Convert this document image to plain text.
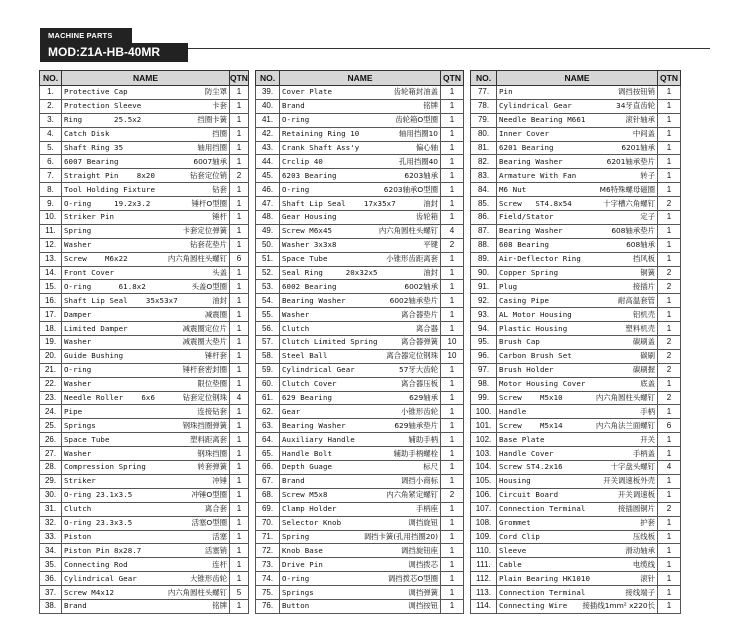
MACHINE PARTS
MOD:Z1A-HB-40MR
NO.	NAME	QTN
1.	Protective Cap 防尘罩	1
2.	Protection Sleeve 卡套	1
3.	Ring       25.5x2 挡圈卡簧	1
4.	Catch Disk 挡圈	1
5.	Shaft Ring 35 轴用挡圈	1
6.	6007 Bearing 6007轴承	1
7.	Straight Pin    8x20 钻套定位销	2
8.	Tool Holding Fixture 钻套	1
9.	O-ring     19.2x3.2 锤杆O型圈	1
10.	Striker Pin 锤杆	1
11.	Spring 卡套定位弹簧	1
12.	Washer 钻套花垫片	1
13.	Screw    M6x22 内六角圆柱头螺钉	6
14.	Front Cover 头盖	1
15.	O-ring      61.8x2 头盖O型圈	1
16.	Shaft Lip Seal    35x53x7 油封	1
17.	Damper 减震圈	1
18.	Limited Damper 减震圈定位片	1
19.	Washer 减震圈大垫片	1
20.	Guide Bushing 锤杆套	1
21.	O-ring 锤杆套密封圈	1
22.	Washer 限位垫圈	1
23.	Needle Roller    6x6 钻套定位钢珠	4
24.	Pipe 连接钻套	1
25.	Springs 钢珠挡圈弹簧	1
26.	Space Tube 塑料距离套	1
27.	Washer 钢珠挡圈	1
28.	Compression Spring 转套弹簧	1
29.	Striker 冲锤	1
30.	O-ring 23.1x3.5 冲锤O型圈	1
31.	Clutch 离合套	1
32.	O-ring 23.3x3.5 活塞O型圈	1
33.	Piston 活塞	1
34.	Piston Pin 8x28.7 活塞销	1
35.	Connecting Rod 连杆	1
36.	Cylindrical Gear 大锥形齿轮	1
37.	Screw M4x12 内六角圆柱头螺钉	5
38.	Brand 铭牌	1
NO.	NAME	QTN
39.	Cover Plate 齿轮箱封油盖	1
40.	Brand 铭牌	1
41.	O-ring 齿轮箱O型圈	1
42.	Retaining Ring 10 轴用挡圈10	1
43.	Crank Shaft Ass'y 偏心轴	1
44.	Crclip 40 孔用挡圈40	1
45.	6203 Bearing 6203轴承	1
46.	O-ring 6203轴承O型圈	1
47.	Shaft Lip Seal    17x35x7 油封	1
48.	Gear Housing 齿轮箱	1
49.	Screw M6x45 内六角圆柱头螺钉	4
50.	Washer 3x3x8 平键	2
51.	Space Tube 小锥形齿距离套	1
52.	Seal Ring     20x32x5 油封	1
53.	6002 Bearing 6002轴承	1
54.	Bearing Washer 6002轴承垫片	1
55.	Washer 离合器垫片	1
56.	Clutch 离合器	1
57.	Clutch Limited Spring 离合器弹簧	10
58.	Steel Ball 离合器定位钢珠	10
59.	Cylindrical Gear 57牙大齿轮	1
60.	Clutch Cover 离合器压板	1
61.	629 Bearing 629轴承	1
62.	Gear 小锥形齿轮	1
63.	Bearing Washer 629轴承垫片	1
64.	Auxiliary Handle 辅助手柄	1
65.	Handle Bolt 辅助手柄螺栓	1
66.	Depth Guage 标尺	1
67.	Brand 调挡小商标	1
68.	Screw M5x8 内六角紧定螺钉	2
69.	Clamp Holder 手柄座	1
70.	Selector Knob 调挡旋钮	1
71.	Spring 调挡卡簧(孔用挡圈20)	1
72.	Knob Base 调挡旋钮座	1
73.	Drive Pin 调挡拨芯	1
74.	O-ring 调挡拨芯O型圈	1
75.	Springs 调挡弹簧	1
76.	Button 调挡按钮	1
NO.	NAME	QTN
77.	Pin 调挡按钮销	1
78.	Cylindrical Gear 34牙直齿轮	1
79.	Needle Bearing M661 滚针轴承	1
80.	Inner Cover 中间盖	1
81.	6201 Bearing 6201轴承	1
82.	Bearing Washer 6201轴承垫片	1
83.	Armature With Fan 转子	1
84.	M6 Nut M6特殊螺母磁圈	1
85.	Screw   ST4.8x54 十字槽六角螺钉	2
86.	Field/Stator 定子	1
87.	Bearing Washer 608轴承垫片	1
88.	608 Bearing 608轴承	1
89.	Air-Deflector Ring 挡风板	1
90.	Copper Spring 铜簧	2
91.	Plug 接插片	2
92.	Casing Pipe 耐高温套管	1
93.	AL Motor Housing 铝机壳	1
94.	Plastic Housing 塑料机壳	1
95.	Brush Cap 碳刷盖	2
96.	Carbon Brush Set 碳刷	2
97.	Brush Holder 碳刷握	2
98.	Motor Housing Cover 底盖	1
99.	Screw    M5x10 内六角圆柱头螺钉	2
100.	Handle 手柄	1
101.	Screw    M5x14 内六角法兰面螺钉	6
102.	Base Plate 开关	1
103.	Handle Cover 手柄盖	1
104.	Screw ST4.2x16 十字盘头螺钉	4
105.	Housing 开关调速板外壳	1
106.	Circuit Board 开关调速板	1
107.	Connection Terminal 接插圆铜片	2
108.	Grommet 护套	1
109.	Cord Clip 压线板	1
110.	Sleeve 滑动轴承	1
111.	Cable 电缆线	1
112.	Plain Bearing HK1010 滚针	1
113.	Connection Terminal 接线端子	1
114.	Connecting Wire 接插线1mm² x220长	1
